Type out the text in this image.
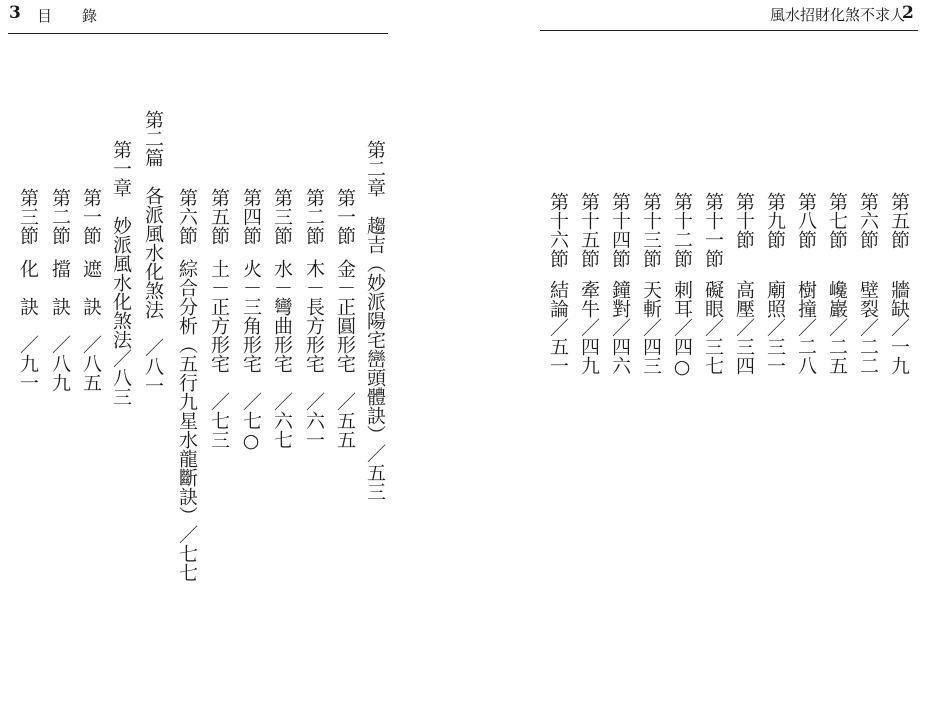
3 目錄	風水招財化煞不求人
2
第二章　趨吉（妙派陽宅巒頭體訣）／五三
第一節金－正圓形宅　／五五
第二節木－長方形宅　／六一
第三節水－彎曲形宅　／六七
第四節火－三角形宅　／七○
第五節土－正方形宅　／七三
第六節綜合分析（五行九星水龍斷訣）／七七
第二篇　各派風水化煞法　／八一
第一章　妙派風水化煞法／八三
第一節遮　訣　／八五
第二節擋　訣　／八九
第三節化　訣　／九一
第五節牆缺／一九
第六節壁裂／二二
第七節巉巖／二五
第八節樹撞／二八
第九節廟照／三一
第十節高壓／三四
第十一節礙眼／三七
第十二節刺耳／四○
第十三節天斬／四三
第十四節鐘對／四六
第十五節牽牛／四九
第十六節結論／五一
